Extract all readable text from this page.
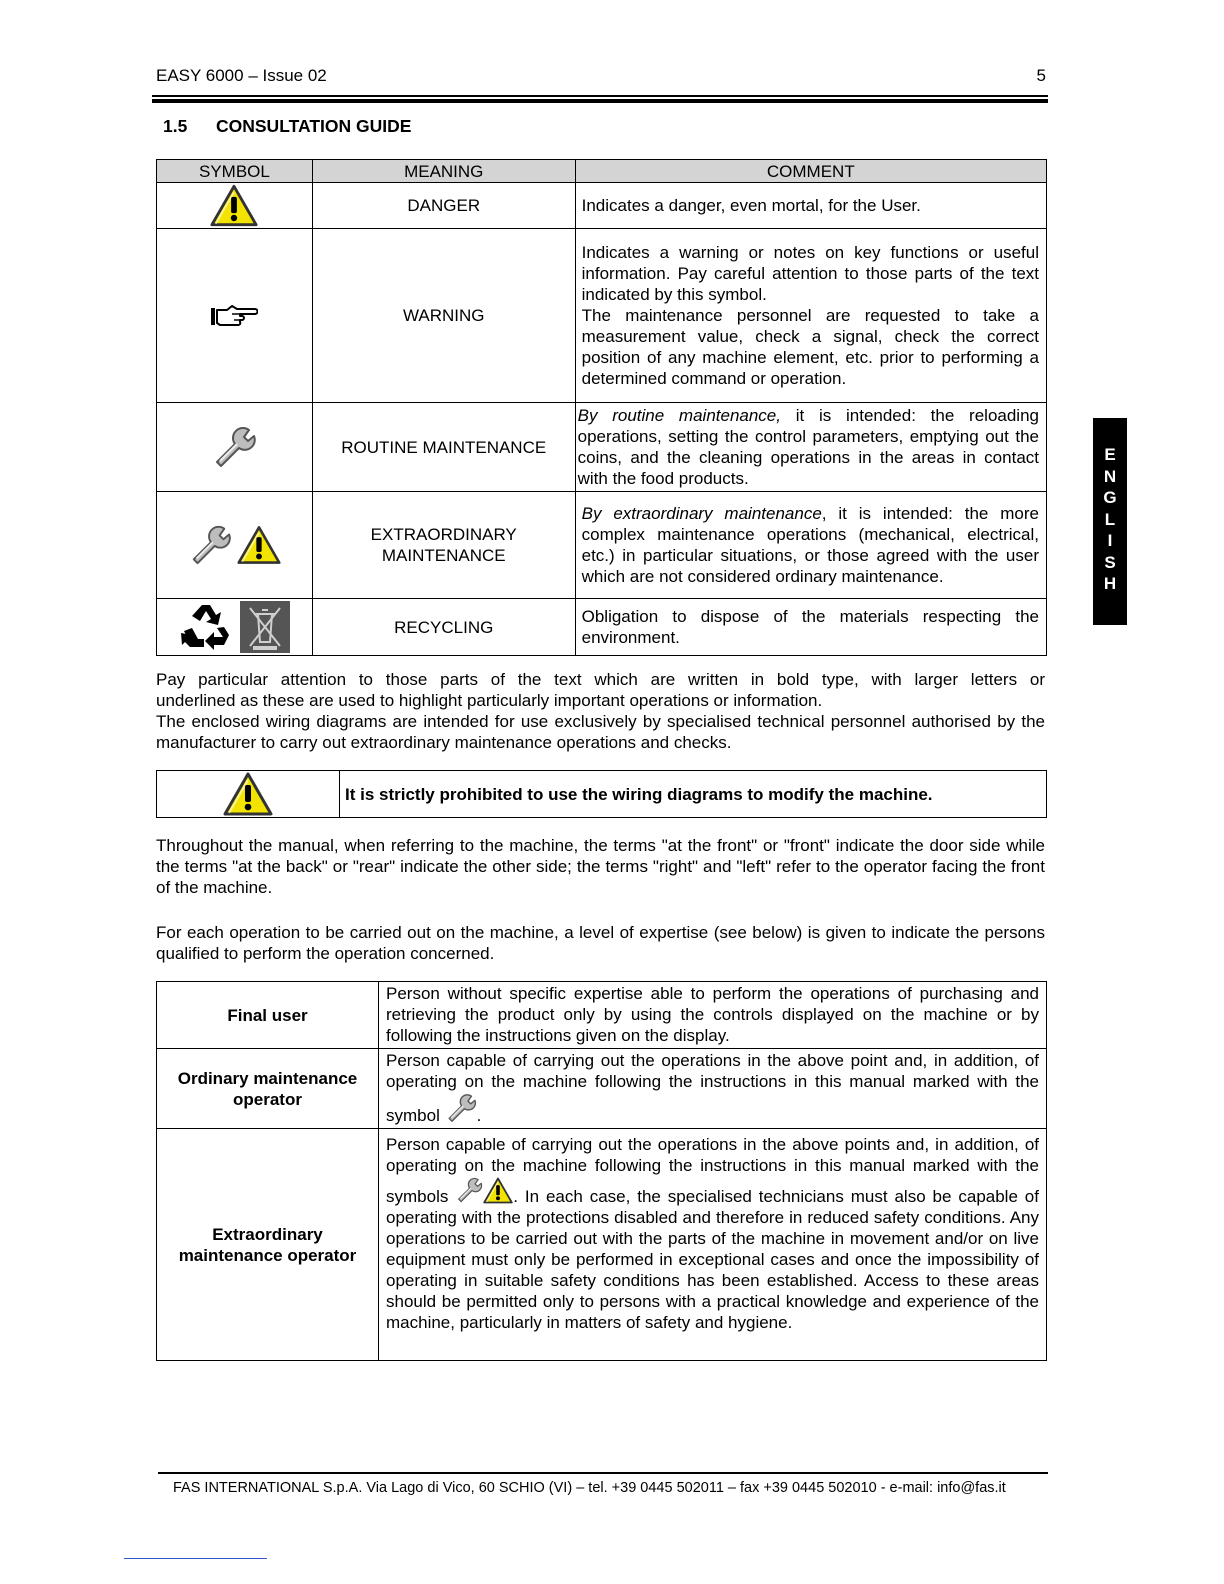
EASY 6000 – Issue 02	5
1.5 CONSULTATION GUIDE
SYMBOL	MEANING	COMMENT
	DANGER	Indicates a danger, even mortal, for the User.
	WARNING	Indicates a warning or notes on key functions or useful information. Pay careful attention to those parts of the text indicated by this symbol.
The maintenance personnel are requested to take a measurement value, check a signal, check the correct position of any machine element, etc. prior to performing a determined command or operation.

	ROUTINE MAINTENANCE	By routine maintenance, it is intended: the reloading operations, setting the control parameters, emptying out the coins, and the cleaning operations in the areas in contact with the food products.
	EXTRAORDINARY MAINTENANCE	By extraordinary maintenance, it is intended: the more complex maintenance operations (mechanical, electrical, etc.) in particular situations, or those agreed with the user which are not considered ordinary maintenance.
	RECYCLING	Obligation to dispose of the materials respecting the environment.

Pay particular attention to those parts of the text which are written in bold type, with larger letters or

underlined as these are used to highlight particularly important operations or information.

The enclosed wiring diagrams are intended for use exclusively by specialised technical personnel authorised by the manufacturer to carry out extraordinary maintenance operations and checks.

	It is strictly prohibited to use the wiring diagrams to modify the machine.
Throughout the manual, when referring to the machine, the terms "at the front" or "front" indicate the door side while the terms "at the back" or "rear" indicate the other side; the terms "right" and "left" refer to the operator facing the front of the machine.
For each operation to be carried out on the machine, a level of expertise (see below) is given to indicate the persons qualified to perform the operation concerned.
Final user	Person without specific expertise able to perform the operations of purchasing and retrieving the product only by using the controls displayed on the machine or by following the instructions given on the display.
Ordinary maintenance operator	Person capable of carrying out the operations in the above point and, in addition, of operating on the machine following the instructions in this manual marked with the symbol .
Extraordinary maintenance operator	Person capable of carrying out the operations in the above points and, in addition, of operating on the machine following the instructions in this manual marked with the symbols . In each case, the specialised technicians must also be capable of operating with the protections disabled and therefore in reduced safety conditions. Any operations to be carried out with the parts of the machine in movement and/or on live equipment must only be performed in exceptional cases and once the impossibility of operating in suitable safety conditions has been established. Access to these areas should be permitted only to persons with a practical knowledge and experience of the machine, particularly in matters of safety and hygiene.
E
N
G
L
I
S
H
FAS INTERNATIONAL S.p.A. Via Lago di Vico, 60 SCHIO (VI) – tel. +39 0445 502011 – fax +39 0445 502010 - e-mail: info@fas.it
